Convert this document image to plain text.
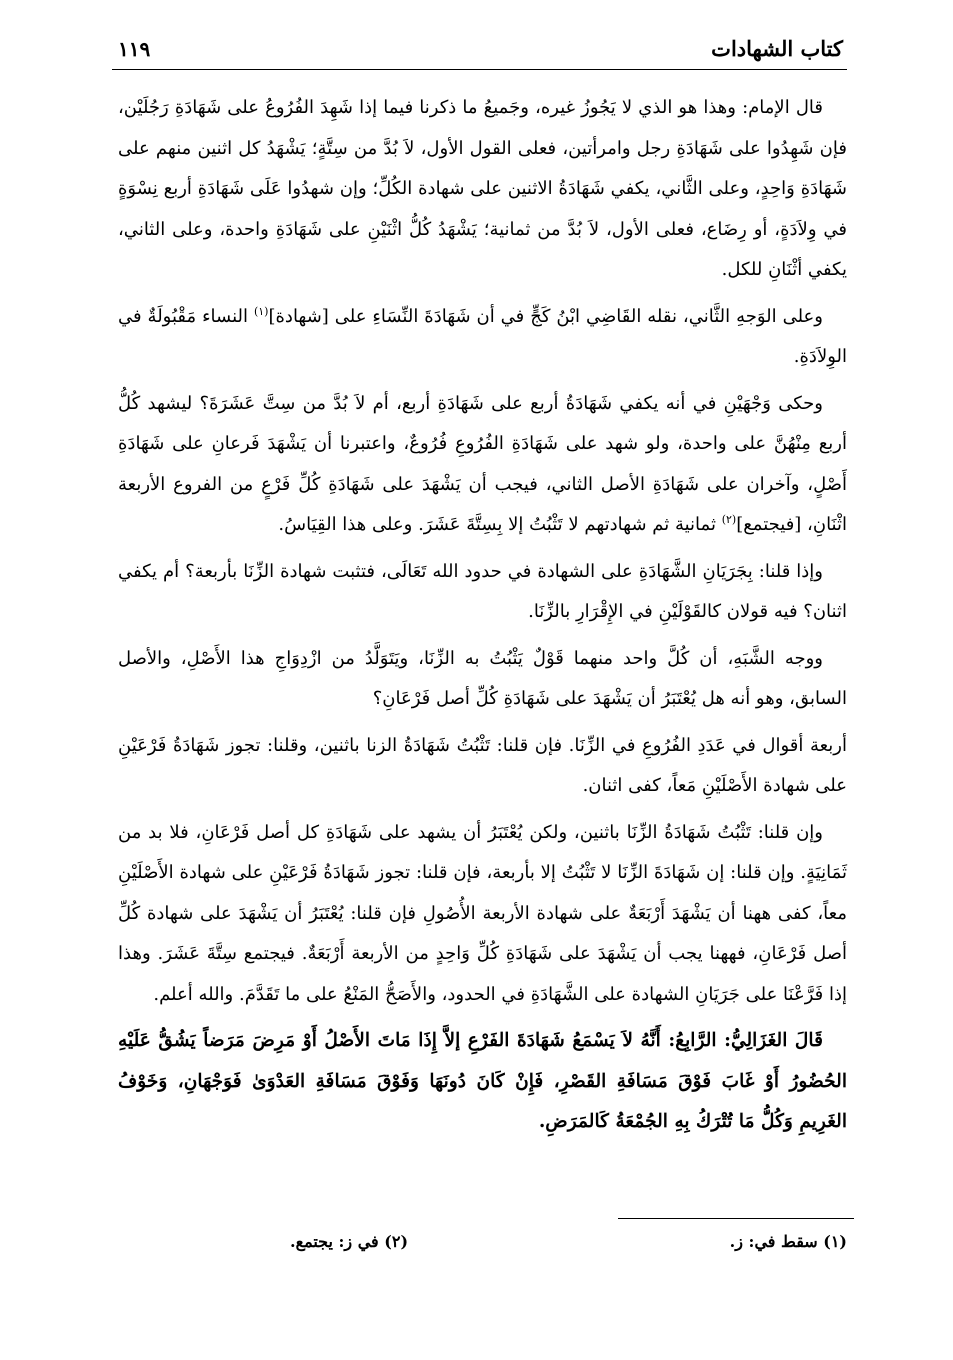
كتاب الشهادات
١١٩

قال الإمام: وهذا هو الذي لا يَجُوزُ غيره، وجَميعُ ما ذكرنا فيما إذا شَهِدَ الفُرُوعُ على شَهَادَةِ رَجُلَيْن، فإن شَهِدُوا على شَهَادَةِ رجل وامرأتين، فعلى القول الأول، لاَ بُدَّ من سِتَّةٍ؛ يَشْهَدُ كل اثنين منهم على شَهَادَةِ وَاحِدٍ، وعلى الثَّاني، يكفي شَهَادَةُ الاثنين على شهادة الكُلِّ؛ وإن شهدُوا عَلَى شَهَادَةِ أربع نِسْوَةٍ في وِلاَدَةٍ، أو رِضَاع، فعلى الأول، لاَ بُدَّ من ثمانية؛ يَشْهَدُ كُلُّ اثْنَيْنِ على شَهَادَةِ واحدة، وعلى الثاني، يكفي أثْنَانِ للكل.

وعلى الوَجهِ الثَّاني، نقله القَاضِي ابْنُ كَجٍّ في أن شَهَادَةَ النِّسَاءِ على [شهادة]$^{(١)}$ النساء مَقْبُولَةٌ في الوِلاَدَةِ.

وحكى وَجْهَيْنِ في أنه يكفي شَهَادَةُ أربع على شَهَادَةِ أربع، أم لاَ بُدَّ من سِتَّ عَشَرَةَ؟ ليشهد كُلُّ أربع مِنْهُنَّ على واحدة، ولو شهد على شَهَادَةِ الفُرُوعِ فُرُوعٌ، واعتبرنا أن يَشْهَدَ فَرعانِ على شَهَادَةِ أَصْلٍ، وآخران على شَهَادَةِ الأصل الثاني، فيجب أن يَشْهَدَ على شَهَادَةِ كُلِّ فَرْعٍ من الفروع الأربعة اثْنَانِ، [فيجتمع]$^{(٢)}$ ثمانية ثم شهادتهم لا تَثْبُتُ إلا بِسِتَّةَ عَشَرَ. وعلى هذا القِيَاسُ.

وإذا قلنا: بِجَرَيَانِ الشَّهَادَةِ على الشهادة في حدود الله تَعَالَى، فتثبت شهادة الزِّنَا بأربعة؟ أم يكفي اثنان؟ فيه قولان كالقَوْلَيْنِ في الإِقْرَارِ بالزِّنَا.

ووجه الشَّبَهِ، أن كُلَّ واحد منهما قَوْلٌ يَثْبُتُ به الزِّنَا، ويَتَوَلَّدُ من ازْدِوَاجِ هذا الأَصْلِ، والأصل السابق، وهو أنه هل يُعْتَبَرُ أن يَشْهَدَ على شَهَادَةِ كُلِّ أصل فَرْعَانِ؟

أربعة أقوال في عَدَدِ الفُرُوعِ في الزِّنَا. فإن قلنا: تَثْبُتُ شَهَادَةُ الزنا باثنين، وقلنا: تجوز شَهَادَةُ فَرْعَيْنِ على شهادة الأَصْلَيْنِ مَعاً، كفى اثنان.

وإن قلنا: تَثْبُتُ شَهَادَةُ الزِّنَا باثنين، ولكن يُعْتَبَرُ أن يشهد على شَهَادَةِ كل أصل فَرْعَانِ، فلا بد من ثَمَانِيَةٍ. وإن قلنا: إن شَهَادَةَ الزِّنَا لا تَثْبُتُ إلا بأربعة، فإن قلنا: تجوز شَهَادَةُ فَرْعَيْنِ على شهادة الأَصْلَيْنِ معاً، كفى ههنا أن يَشْهَدَ أَرْبَعَةٌ على شهادة الأربعة الأُصُولِ فإن قلنا: يُعْتَبَرُ أن يَشْهَدَ على شهادة كُلِّ أصل فَرْعَانِ، فههنا يجب أن يَشْهَدَ على شَهَادَةِ كُلِّ وَاحِدٍ من الأربعة أَرْبَعَةٌ. فيجتمع سِتَّةَ عَشَرَ. وهذا إذا فَرَّعْنَا على جَرَيَانِ الشهادة على الشَّهَادَةِ في الحدود، والأَصَحُّ المَنْعُ على ما تَقَدَّمَ. والله أعلم.

قَالَ الغَزَالِيُّ: الرَّابِعُ: أَنَّهُ لاَ يَسْمَعُ شَهَادَةَ الفَرْعِ إلاَّ إِذَا مَاتَ الأَصْلُ أَوْ مَرِضَ مَرَضاً يَشُقُّ عَلَيْهِ الحُضُورُ أَوْ غَابَ فَوْقَ مَسَافَةِ القَصْرِ، فَإِنْ كَانَ دُونَهَا وَفَوْقَ مَسَافَةِ العَدْوَىٰ فَوَجْهَانِ، وَخَوْفُ الغَرِيمِ وَكُلُّ مَا تُتْرَكُ بِهِ الجُمْعَةُ كَالمَرَضِ.

(١) سقط في: ز.
(٢) في ز: يجتمع.
